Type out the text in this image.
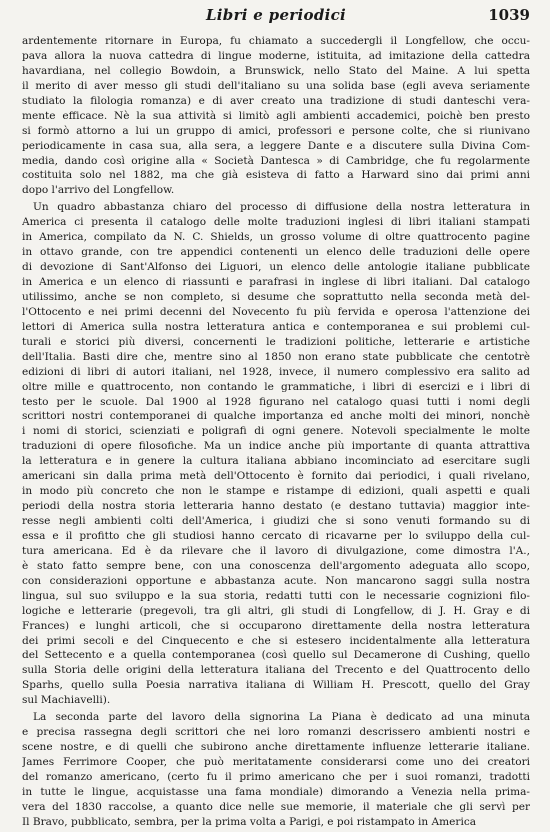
Libri e periodici	1039
ardentemente ritornare in Europa, fu chiamato a succedergli il Longfellow, che occu-
pava allora la nuova cattedra di lingue moderne, istituita, ad imitazione della cattedra
havardiana, nel collegio Bowdoin, a Brunswick, nello Stato del Maine. A lui spetta
il merito di aver messo gli studi dell'italiano su una solida base (egli aveva seriamente
studiato la filologia romanza) e di aver creato una tradizione di studi danteschi vera-
mente efficace. Nè la sua attività si limitò agli ambienti accademici, poichè ben presto
si formò attorno a lui un gruppo di amici, professori e persone colte, che si riunivano
periodicamente in casa sua, alla sera, a leggere Dante e a discutere sulla Divina Com-
media, dando così origine alla « Società Dantesca » di Cambridge, che fu regolarmente
costituita solo nel 1882, ma che già esisteva di fatto a Harward sino dai primi anni
dopo l'arrivo del Longfellow.
Un quadro abbastanza chiaro del processo di diffusione della nostra letteratura in
America ci presenta il catalogo delle molte traduzioni inglesi di libri italiani stampati
in America, compilato da N. C. Shields, un grosso volume di oltre quattrocento pagine
in ottavo grande, con tre appendici contenenti un elenco delle traduzioni delle opere
di devozione di Sant'Alfonso dei Liguori, un elenco delle antologie italiane pubblicate
in America e un elenco di riassunti e parafrasi in inglese di libri italiani. Dal catalogo
utilissimo, anche se non completo, si desume che soprattutto nella seconda metà del-
l'Ottocento e nei primi decenni del Novecento fu più fervida e operosa l'attenzione dei
lettori di America sulla nostra letteratura antica e contemporanea e sui problemi cul-
turali e storici più diversi, concernenti le tradizioni politiche, letterarie e artistiche
dell'Italia. Basti dire che, mentre sino al 1850 non erano state pubblicate che centotrè
edizioni di libri di autori italiani, nel 1928, invece, il numero complessivo era salito ad
oltre mille e quattrocento, non contando le grammatiche, i libri di esercizi e i libri di
testo per le scuole. Dal 1900 al 1928 figurano nel catalogo quasi tutti i nomi degli
scrittori nostri contemporanei di qualche importanza ed anche molti dei minori, nonchè
i nomi di storici, scienziati e poligrafi di ogni genere. Notevoli specialmente le molte
traduzioni di opere filosofiche. Ma un indice anche più importante di quanta attrattiva
la letteratura e in genere la cultura italiana abbiano incominciato ad esercitare sugli
americani sin dalla prima metà dell'Ottocento è fornito dai periodici, i quali rivelano,
in modo più concreto che non le stampe e ristampe di edizioni, quali aspetti e quali
periodi della nostra storia letteraria hanno destato (e destano tuttavia) maggior inte-
resse negli ambienti colti dell'America, i giudizi che si sono venuti formando su di
essa e il profitto che gli studiosi hanno cercato di ricavarne per lo sviluppo della cul-
tura americana. Ed è da rilevare che il lavoro di divulgazione, come dimostra l'A.,
è stato fatto sempre bene, con una conoscenza dell'argomento adeguata allo scopo,
con considerazioni opportune e abbastanza acute. Non mancarono saggi sulla nostra
lingua, sul suo sviluppo e la sua storia, redatti tutti con le necessarie cognizioni filo-
logiche e letterarie (pregevoli, tra gli altri, gli studi di Longfellow, di J. H. Gray e di
Frances) e lunghi articoli, che si occuparono direttamente della nostra letteratura
dei primi secoli e del Cinquecento e che si estesero incidentalmente alla letteratura
del Settecento e a quella contemporanea (così quello sul Decamerone di Cushing, quello
sulla Storia delle origini della letteratura italiana del Trecento e del Quattrocento dello
Sparhs, quello sulla Poesia narrativa italiana di William H. Prescott, quello del Gray
sul Machiavelli).
La seconda parte del lavoro della signorina La Piana è dedicato ad una minuta
e precisa rassegna degli scrittori che nei loro romanzi descrissero ambienti nostri e
scene nostre, e di quelli che subirono anche direttamente influenze letterarie italiane.
James Ferrimore Cooper, che può meritatamente considerarsi come uno dei creatori
del romanzo americano, (certo fu il primo americano che per i suoi romanzi, tradotti
in tutte le lingue, acquistasse una fama mondiale) dimorando a Venezia nella prima-
vera del 1830 raccolse, a quanto dice nelle sue memorie, il materiale che gli servì per
Il Bravo, pubblicato, sembra, per la prima volta a Parigi, e poi ristampato in America
